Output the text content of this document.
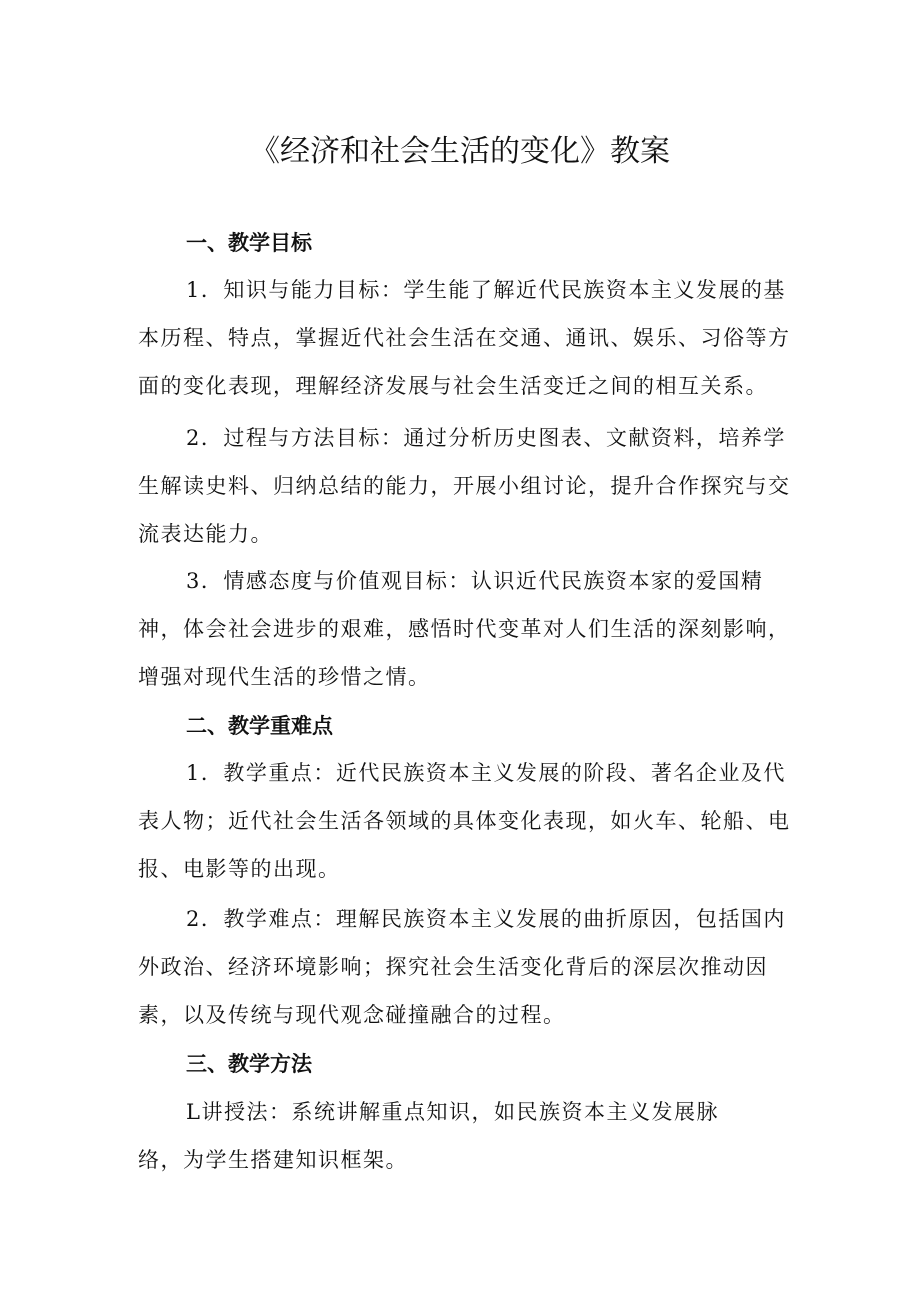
《经济和社会生活的变化》教案
一、教学目标

1．知识与能力目标：学生能了解近代民族资本主义发展的基本历程、特点，掌握近代社会生活在交通、通讯、娱乐、习俗等方面的变化表现，理解经济发展与社会生活变迁之间的相互关系。

2．过程与方法目标：通过分析历史图表、文献资料，培养学生解读史料、归纳总结的能力，开展小组讨论，提升合作探究与交流表达能力。

3．情感态度与价值观目标：认识近代民族资本家的爱国精神，体会社会进步的艰难，感悟时代变革对人们生活的深刻影响，增强对现代生活的珍惜之情。

二、教学重难点

1．教学重点：近代民族资本主义发展的阶段、著名企业及代表人物；近代社会生活各领域的具体变化表现，如火车、轮船、电报、电影等的出现。

2．教学难点：理解民族资本主义发展的曲折原因，包括国内外政治、经济环境影响；探究社会生活变化背后的深层次推动因素，以及传统与现代观念碰撞融合的过程。

三、教学方法

L讲授法：系统讲解重点知识，如民族资本主义发展脉络，为学生搭建知识框架。
